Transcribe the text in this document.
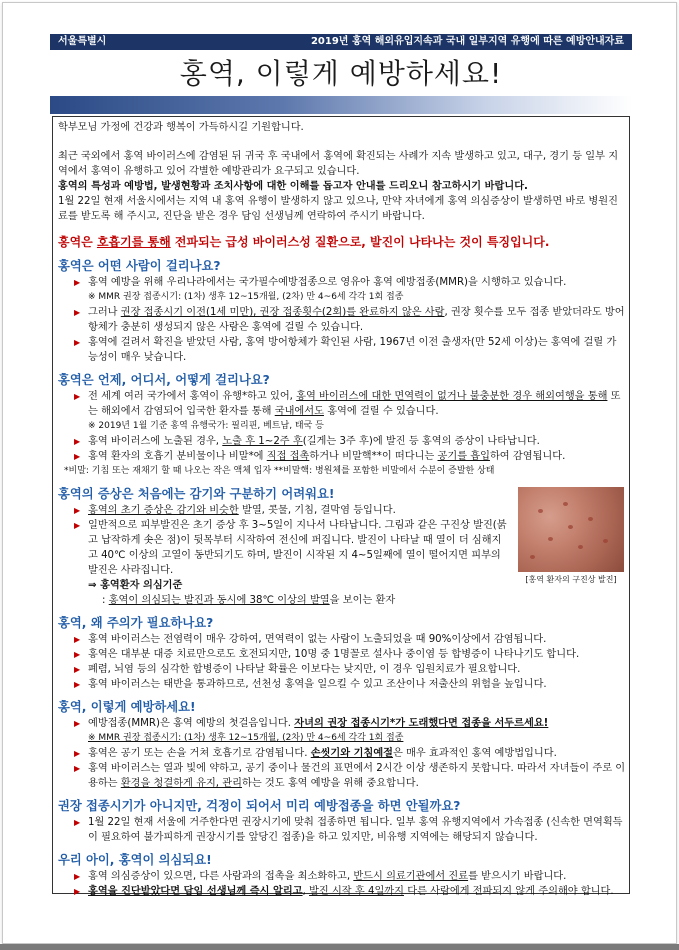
서울특별시	2019년 홍역 해외유입지속과 국내 일부지역 유행에 따른 예방안내자료
홍역, 이렇게 예방하세요!

학부모님 가정에 건강과 행복이 가득하시길 기원합니다.

최근 국외에서 홍역 바이러스에 감염된 뒤 귀국 후 국내에서 홍역에 확진되는 사례가 지속 발생하고 있고, 대구, 경기 등 일부 지역에서 홍역이 유행하고 있어 각별한 예방관리가 요구되고 있습니다.

홍역의 특성과 예방법, 발생현황과 조치사항에 대한 이해를 돕고자 안내를 드리오니 참고하시기 바랍니다.

1월 22일 현재 서울시에서는 지역 내 홍역 유행이 발생하지 않고 있으나, 만약 자녀에게 홍역 의심증상이 발생하면 바로 병원진료를 받도록 해 주시고, 진단을 받은 경우 담임 선생님께 연락하여 주시기 바랍니다.

홍역은 호흡기를 통해 전파되는 급성 바이러스성 질환으로, 발진이 나타나는 것이 특징입니다.

홍역은 어떤 사람이 걸리나요?

▶ 홍역 예방을 위해 우리나라에서는 국가필수예방접종으로 영유아 홍역 예방접종(MMR)을 시행하고 있습니다.

※ MMR 권장 접종시기: (1차) 생후 12~15개월, (2차) 만 4~6세 각각 1회 접종

▶ 그러나 권장 접종시기 이전(1세 미만), 권장 접종횟수(2회)를 완료하지 않은 사람, 권장 횟수를 모두 접종 받았더라도 방어항체가 충분히 생성되지 않은 사람은 홍역에 걸릴 수 있습니다.

▶ 홍역에 걸려서 확진을 받았던 사람, 홍역 방어항체가 확인된 사람, 1967년 이전 출생자(만 52세 이상)는 홍역에 걸릴 가능성이 매우 낮습니다.

홍역은 언제, 어디서, 어떻게 걸리나요?

▶ 전 세계 여러 국가에서 홍역이 유행*하고 있어, 홍역 바이러스에 대한 면역력이 없거나 불충분한 경우 해외여행을 통해 또는 해외에서 감염되어 입국한 환자를 통해 국내에서도 홍역에 걸릴 수 있습니다.

※ 2019년 1월 기준 홍역 유행국가: 필리핀, 베트남, 태국 등

▶ 홍역 바이러스에 노출된 경우, 노출 후 1~2주 후(길게는 3주 후)에 발진 등 홍역의 증상이 나타납니다.

▶ 홍역 환자의 호흡기 분비물이나 비말*에 직접 접촉하거나 비말핵**이 떠다니는 공기를 흡입하여 감염됩니다.

*비말: 기침 또는 재채기 할 때 나오는 작은 액체 입자 **비말핵: 병원체를 포함한 비말에서 수분이 증발한 상태

홍역의 증상은 처음에는 감기와 구분하기 어려워요!

▶ 홍역의 초기 증상은 감기와 비슷한 발열, 콧물, 기침, 결막염 등입니다.

▶ 일반적으로 피부발진은 초기 증상 후 3~5일이 지나서 나타납니다. 그림과 같은 구진상 발진(붉고 납작하게 솟은 점)이 뒷목부터 시작하여 전신에 퍼집니다. 발진이 나타날 때 열이 더 심해지고 40℃ 이상의 고열이 동반되기도 하며, 발진이 시작된 지 4~5일째에 열이 떨어지면 피부의 발진은 사라집니다.

⇒ 홍역환자 의심기준

: 홍역이 의심되는 발진과 동시에 38℃ 이상의 발열을 보이는 환자

홍역, 왜 주의가 필요하나요?

▶ 홍역 바이러스는 전염력이 매우 강하여, 면역력이 없는 사람이 노출되었을 때 90%이상에서 감염됩니다.

▶ 홍역은 대부분 대증 치료만으로도 호전되지만, 10명 중 1명꼴로 설사나 중이염 등 합병증이 나타나기도 합니다.

▶ 폐렴, 뇌염 등의 심각한 합병증이 나타날 확률은 이보다는 낮지만, 이 경우 입원치료가 필요합니다.

▶ 홍역 바이러스는 태반을 통과하므로, 선천성 홍역을 일으킬 수 있고 조산이나 저출산의 위험을 높입니다.

홍역, 이렇게 예방하세요!

▶ 예방접종(MMR)은 홍역 예방의 첫걸음입니다. 자녀의 권장 접종시기*가 도래했다면 접종을 서두르세요!

※ MMR 권장 접종시기: (1차) 생후 12~15개월, (2차) 만 4~6세 각각 1회 접종

▶ 홍역은 공기 또는 손을 거쳐 호흡기로 감염됩니다. 손씻기와 기침예절은 매우 효과적인 홍역 예방법입니다.

▶ 홍역 바이러스는 열과 빛에 약하고, 공기 중이나 물건의 표면에서 2시간 이상 생존하지 못합니다. 따라서 자녀들이 주로 이용하는 환경을 청결하게 유지, 관리하는 것도 홍역 예방을 위해 중요합니다.

권장 접종시기가 아니지만, 걱정이 되어서 미리 예방접종을 하면 안될까요?

▶ 1월 22일 현재 서울에 거주한다면 권장시기에 맞춰 접종하면 됩니다. 일부 홍역 유행지역에서 가속접종 (신속한 면역획득이 필요하여 불가피하게 권장시기를 앞당긴 접종)을 하고 있지만, 비유행 지역에는 해당되지 않습니다.

우리 아이, 홍역이 의심되요!

▶ 홍역 의심증상이 있으면, 다른 사람과의 접촉을 최소화하고, 반드시 의료기관에서 진료를 받으시기 바랍니다.

▶ 홍역을 진단받았다면 담임 선생님께 즉시 알리고, 발진 시작 후 4일까지 다른 사람에게 전파되지 않게 주의해야 합니다.

[홍역 환자의 구진상 발진]
